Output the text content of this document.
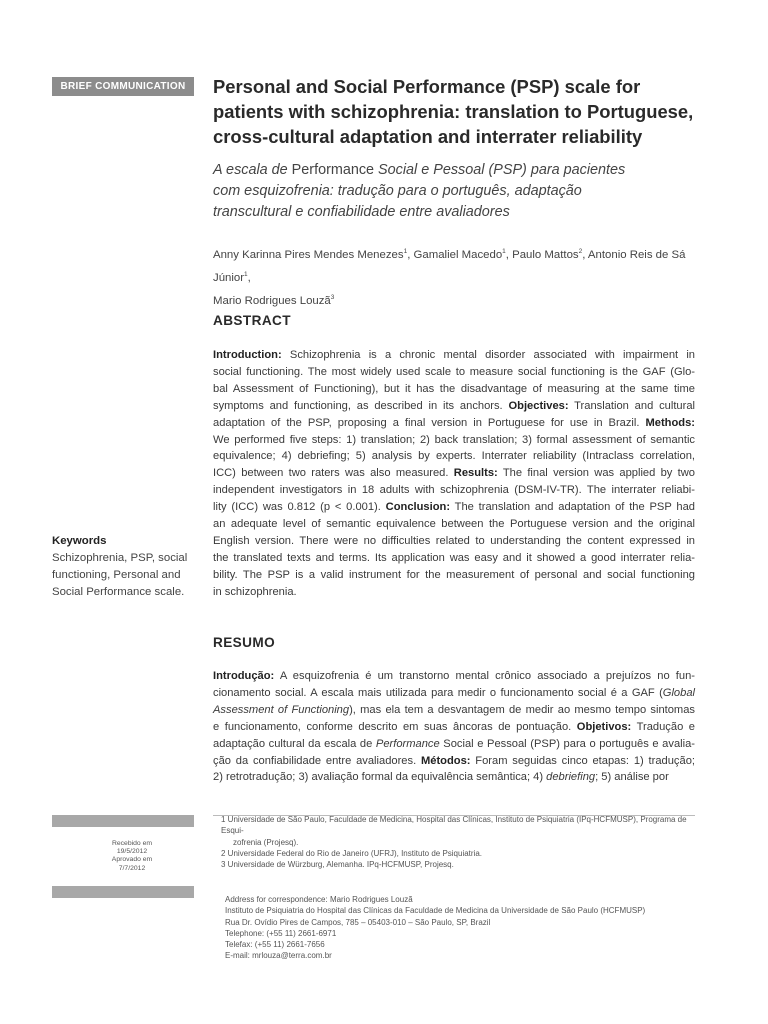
BRIEF COMMUNICATION	Personal and Social Performance (PSP) scale for
patients with schizophrenia: translation to Portuguese,
cross-cultural adaptation and interrater reliability
A escala de Performance Social e Pessoal (PSP) para pacientes
com esquizofrenia: tradução para o português, adaptação
transcultural e confiabilidade entre avaliadores
Anny Karinna Pires Mendes Menezes$^1$, Gamaliel Macedo$^1$, Paulo Mattos$^2$, Antonio Reis de Sá Júnior$^1$,
Mario Rodrigues Louzã$^3$
ABSTRACT
Introduction: Schizophrenia is a chronic mental disorder associated with impairment in
social functioning. The most widely used scale to measure social functioning is the GAF (Glo-
bal Assessment of Functioning), but it has the disadvantage of measuring at the same time
symptoms and functioning, as described in its anchors. Objectives: Translation and cultural
adaptation of the PSP, proposing a final version in Portuguese for use in Brazil. Methods:
We performed five steps: 1) translation; 2) back translation; 3) formal assessment of semantic
equivalence; 4) debriefing; 5) analysis by experts. Interrater reliability (Intraclass correlation,
ICC) between two raters was also measured. Results: The final version was applied by two
independent investigators in 18 adults with schizophrenia (DSM-IV-TR). The interrater reliabi-
lity (ICC) was 0.812 (p < 0.001). Conclusion: The translation and adaptation of the PSP had
an adequate level of semantic equivalence between the Portuguese version and the original
English version. There were no difficulties related to understanding the content expressed in
the translated texts and terms. Its application was easy and it showed a good interrater relia-
bility. The PSP is a valid instrument for the measurement of personal and social functioning
in schizophrenia.
Keywords
Schizophrenia, PSP, social
functioning, Personal and
Social Performance scale.
RESUMO
Introdução: A esquizofrenia é um transtorno mental crônico associado a prejuízos no fun-
cionamento social. A escala mais utilizada para medir o funcionamento social é a GAF (Global
Assessment of Functioning), mas ela tem a desvantagem de medir ao mesmo tempo sintomas
e funcionamento, conforme descrito em suas âncoras de pontuação. Objetivos: Tradução e
adaptação cultural da escala de Performance Social e Pessoal (PSP) para o português e avalia-
ção da confiabilidade entre avaliadores. Métodos: Foram seguidas cinco etapas: 1) tradução;
2) retrotradução; 3) avaliação formal da equivalência semântica; 4) debriefing; 5) análise por
Recebido em
19/5/2012
Aprovado em
7/7/2012
1 Universidade de São Paulo, Faculdade de Medicina, Hospital das Clínicas, Instituto de Psiquiatria (IPq-HCFMUSP), Programa de Esqui-
zofrenia (Projesq).
2 Universidade Federal do Rio de Janeiro (UFRJ), Instituto de Psiquiatria.
3 Universidade de Würzburg, Alemanha. IPq-HCFMUSP, Projesq.
Address for correspondence: Mario Rodrigues Louzã
Instituto de Psiquiatria do Hospital das Clínicas da Faculdade de Medicina da Universidade de São Paulo (HCFMUSP)
Rua Dr. Ovídio Pires de Campos, 785 – 05403-010 – São Paulo, SP, Brazil
Telephone: (+55 11) 2661-6971
Telefax: (+55 11) 2661-7656
E-mail: mrlouza@terra.com.br
